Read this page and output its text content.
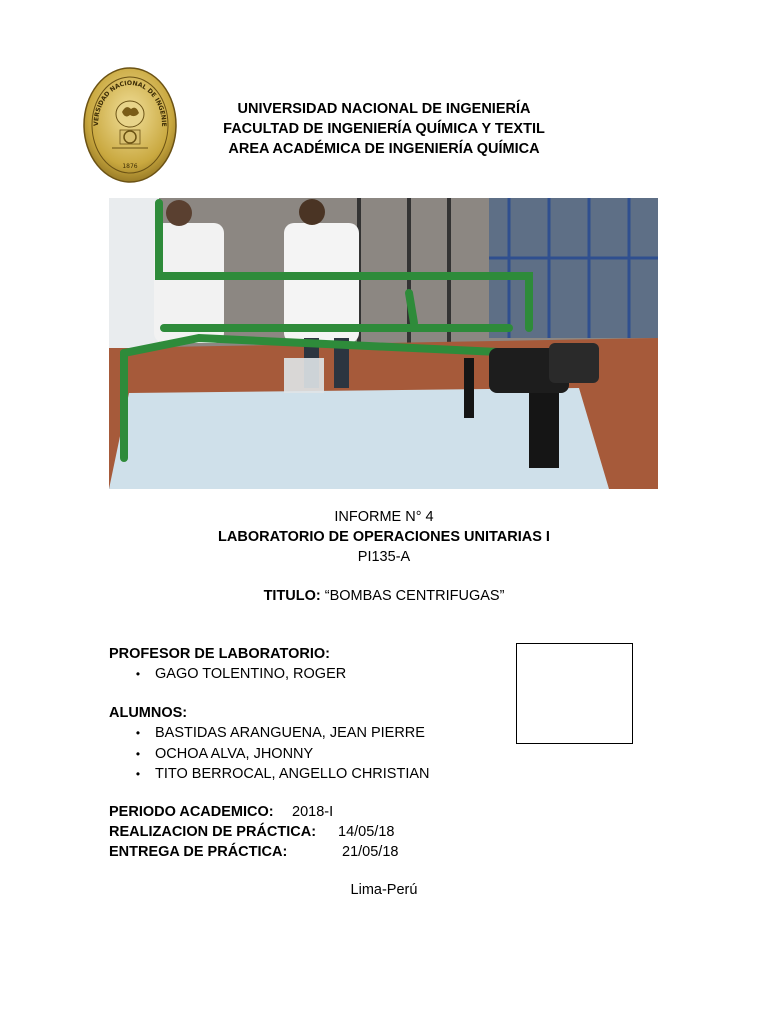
VERSIDAD NACIONAL DE INGENIE
1876
UNIVERSIDAD NACIONAL DE INGENIERÍA
FACULTAD DE INGENIERÍA QUÍMICA Y TEXTIL
AREA ACADÉMICA DE INGENIERÍA QUÍMICA
INFORME N° 4
LABORATORIO DE OPERACIONES UNITARIAS I
PI135-A
TITULO: “BOMBAS CENTRIFUGAS”
PROFESOR DE LABORATORIO:
• GAGO TOLENTINO, ROGER
ALUMNOS:
• BASTIDAS ARANGUENA, JEAN PIERRE
• OCHOA ALVA, JHONNY
• TITO BERROCAL, ANGELLO CHRISTIAN
PERIODO ACADEMICO: 2018-I
REALIZACION DE PRÁCTICA: 14/05/18
ENTREGA DE PRÁCTICA:	21/05/18
Lima-Perú
